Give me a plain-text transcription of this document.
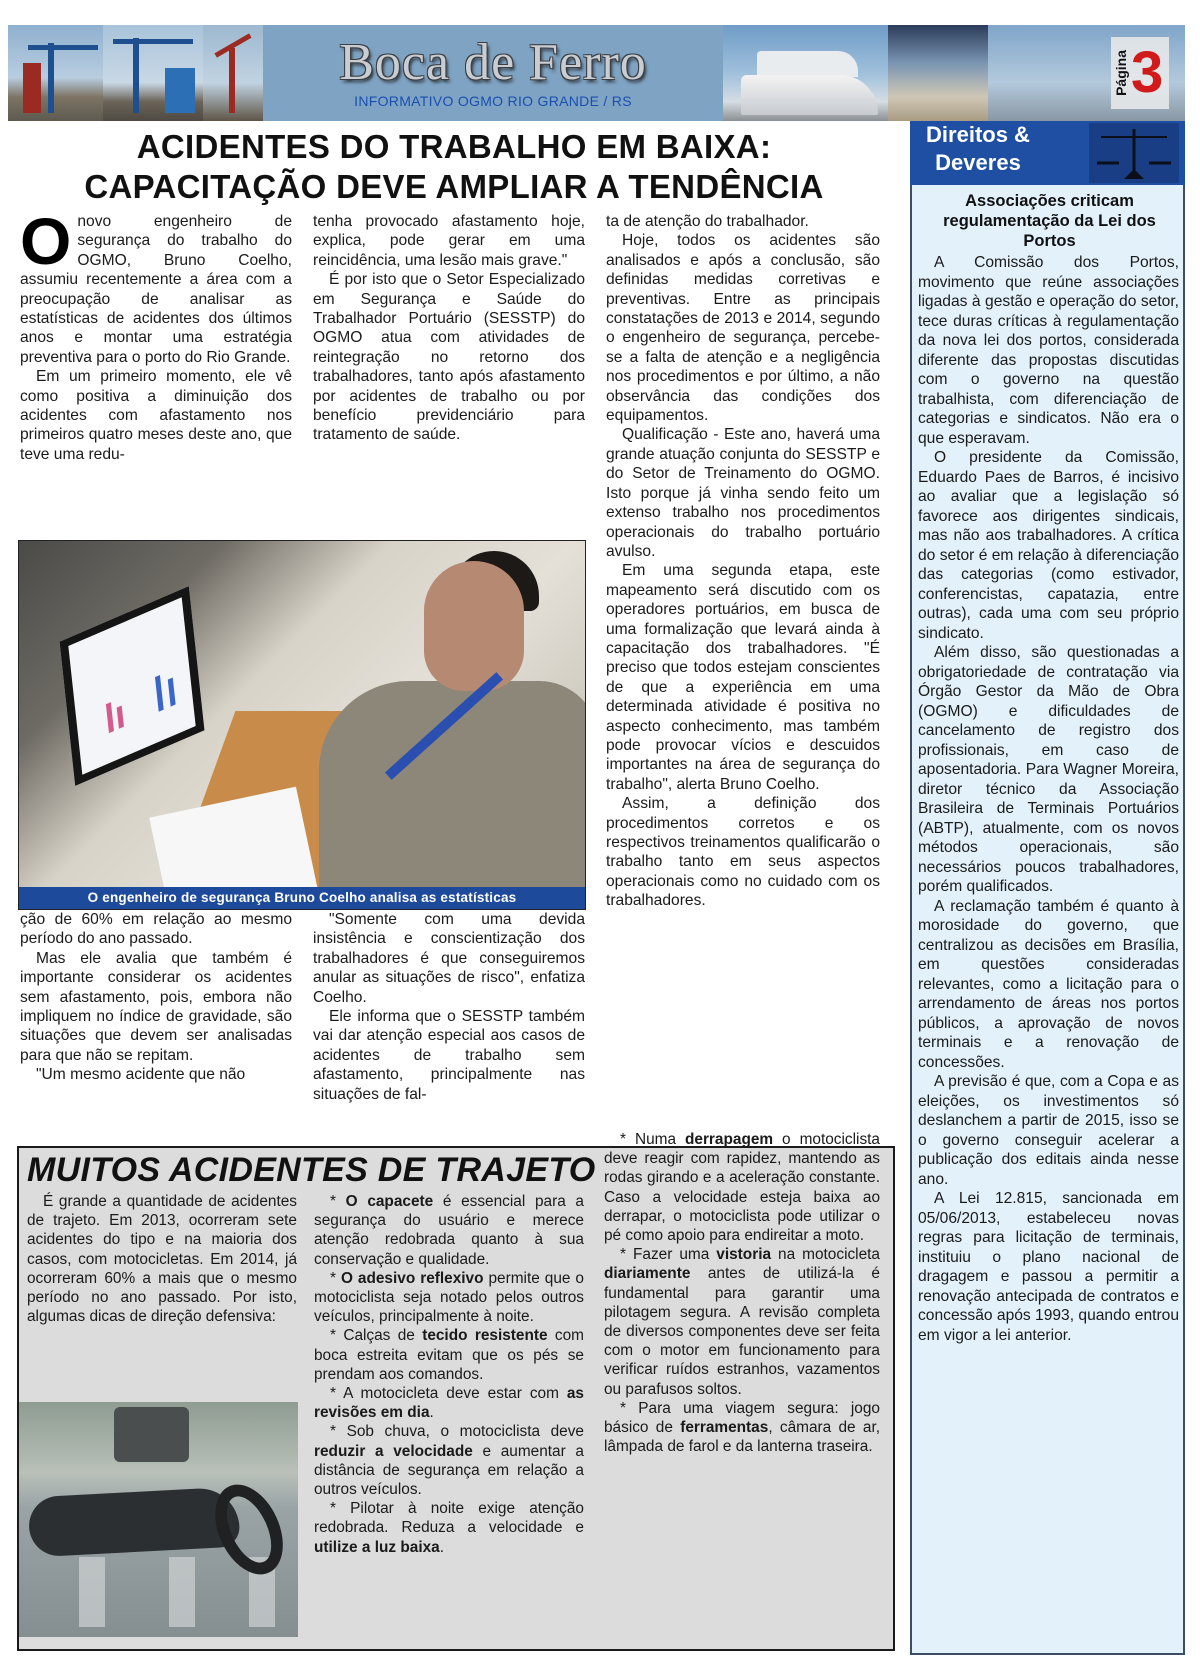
Boca de Ferro
INFORMATIVO OGMO RIO GRANDE / RS
Página 3
ACIDENTES DO TRABALHO EM BAIXA:
CAPACITAÇÃO DEVE AMPLIAR A TENDÊNCIA

Onovo engenheiro de segurança do trabalho do OGMO, Bruno Coelho, assumiu recentemente a área com a preocupação de analisar as estatísticas de acidentes dos últimos anos e montar uma estratégia preventiva para o porto do Rio Grande.

Em um primeiro momento, ele vê como positiva a diminuição dos acidentes com afastamento nos primeiros quatro meses deste ano, que teve uma redu-

tenha provocado afastamento hoje, explica, pode gerar em uma reincidência, uma lesão mais grave."

É por isto que o Setor Especializado em Segurança e Saúde do Trabalhador Portuário (SESSTP) do OGMO atua com atividades de reintegração no retorno dos trabalhadores, tanto após afastamento por acidentes de trabalho ou por benefício previdenciário para tratamento de saúde.

ta de atenção do trabalhador.

Hoje, todos os acidentes são analisados e após a conclusão, são definidas medidas corretivas e preventivas. Entre as principais constatações de 2013 e 2014, segundo o engenheiro de segurança, percebe-se a falta de atenção e a negligência nos procedimentos e por último, a não observância das condições dos equipamentos.

Qualificação - Este ano, haverá uma grande atuação conjunta do SESSTP e do Setor de Treinamento do OGMO. Isto porque já vinha sendo feito um extenso trabalho nos procedimentos operacionais do trabalho portuário avulso.

Em uma segunda etapa, este mapeamento será discutido com os operadores portuários, em busca de uma formalização que levará ainda à capacitação dos trabalhadores. "É preciso que todos estejam conscientes de que a experiência em uma determinada atividade é positiva no aspecto conhecimento, mas também pode provocar vícios e descuidos importantes na área de segurança do trabalho", alerta Bruno Coelho.

Assim, a definição dos procedimentos corretos e os respectivos treinamentos qualificarão o trabalho tanto em seus aspectos operacionais como no cuidado com os trabalhadores.

O engenheiro de segurança Bruno Coelho analisa as estatísticas

ção de 60% em relação ao mesmo período do ano passado.

Mas ele avalia que também é importante considerar os acidentes sem afastamento, pois, embora não impliquem no índice de gravidade, são situações que devem ser analisadas para que não se repitam.

"Um mesmo acidente que não

"Somente com uma devida insistência e conscientização dos trabalhadores é que conseguiremos anular as situações de risco", enfatiza Coelho.

Ele informa que o SESSTP também vai dar atenção especial aos casos de acidentes de trabalho sem afastamento, principalmente nas situações de fal-

MUITOS ACIDENTES DE TRAJETO

É grande a quantidade de acidentes de trajeto. Em 2013, ocorreram sete acidentes do tipo e na maioria dos casos, com motocicletas. Em 2014, já ocorreram 60% a mais que o mesmo período no ano passado. Por isto, algumas dicas de direção defensiva:

* O capacete é essencial para a segurança do usuário e merece atenção redobrada quanto à sua conservação e qualidade.

* O adesivo reflexivo permite que o motociclista seja notado pelos outros veículos, principalmente à noite.

* Calças de tecido resistente com boca estreita evitam que os pés se prendam aos comandos.

* A motocicleta deve estar com as revisões em dia.

* Sob chuva, o motociclista deve reduzir a velocidade e aumentar a distância de segurança em relação a outros veículos.

* Pilotar à noite exige atenção redobrada. Reduza a velocidade e utilize a luz baixa.

* Numa derrapagem o motociclista deve reagir com rapidez, mantendo as rodas girando e a aceleração constante. Caso a velocidade esteja baixa ao derrapar, o motociclista pode utilizar o pé como apoio para endireitar a moto.

* Fazer uma vistoria na motocicleta diariamente antes de utilizá-la é fundamental para garantir uma pilotagem segura. A revisão completa de diversos componentes deve ser feita com o motor em funcionamento para verificar ruídos estranhos, vazamentos ou parafusos soltos.

* Para uma viagem segura: jogo básico de ferramentas, câmara de ar, lâmpada de farol e da lanterna traseira.

Direitos &
Deveres
Associações criticam regulamentação da Lei dos Portos

A Comissão dos Portos, movimento que reúne associações ligadas à gestão e operação do setor, tece duras críticas à regulamentação da nova lei dos portos, considerada diferente das propostas discutidas com o governo na questão trabalhista, com diferenciação de categorias e sindicatos. Não era o que esperavam.

O presidente da Comissão, Eduardo Paes de Barros, é incisivo ao avaliar que a legislação só favorece aos dirigentes sindicais, mas não aos trabalhadores. A crítica do setor é em relação à diferenciação das categorias (como estivador, conferencistas, capatazia, entre outras), cada uma com seu próprio sindicato.

Além disso, são questionadas a obrigatoriedade de contratação via Órgão Gestor da Mão de Obra (OGMO) e dificuldades de cancelamento de registro dos profissionais, em caso de aposentadoria. Para Wagner Moreira, diretor técnico da Associação Brasileira de Terminais Portuários (ABTP), atualmente, com os novos métodos operacionais, são necessários poucos trabalhadores, porém qualificados.

A reclamação também é quanto à morosidade do governo, que centralizou as decisões em Brasília, em questões consideradas relevantes, como a licitação para o arrendamento de áreas nos portos públicos, a aprovação de novos terminais e a renovação de concessões.

A previsão é que, com a Copa e as eleições, os investimentos só deslanchem a partir de 2015, isso se o governo conseguir acelerar a publicação dos editais ainda nesse ano.

A Lei 12.815, sancionada em 05/06/2013, estabeleceu novas regras para licitação de terminais, instituiu o plano nacional de dragagem e passou a permitir a renovação antecipada de contratos e concessão após 1993, quando entrou em vigor a lei anterior.
